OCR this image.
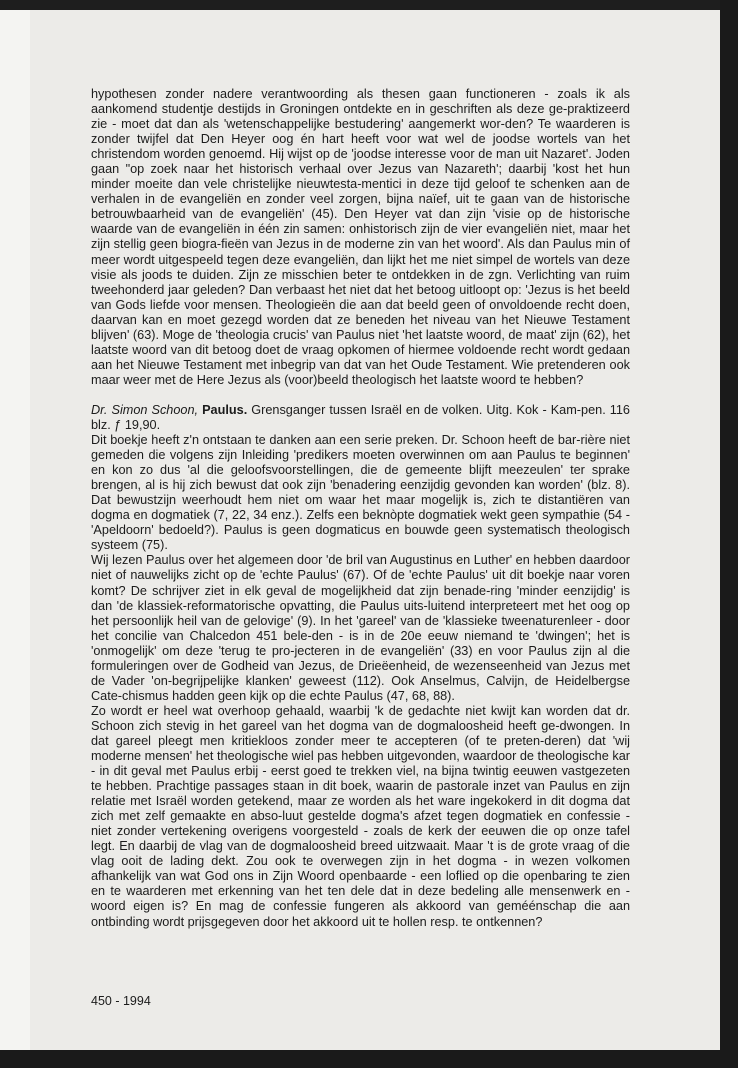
hypothesen zonder nadere verantwoording als thesen gaan functioneren - zoals ik als aankomend studentje destijds in Groningen ontdekte en in geschriften als deze ge-praktizeerd zie - moet dat dan als 'wetenschappelijke bestudering' aangemerkt wor-den? Te waarderen is zonder twijfel dat Den Heyer oog én hart heeft voor wat wel de joodse wortels van het christendom worden genoemd. Hij wijst op de 'joodse interesse voor de man uit Nazaret'. Joden gaan "op zoek naar het historisch verhaal over Jezus van Nazareth'; daarbij 'kost het hun minder moeite dan vele christelijke nieuwtesta-mentici in deze tijd geloof te schenken aan de verhalen in de evangeliën en zonder veel zorgen, bijna naïef, uit te gaan van de historische betrouwbaarheid van de evangeliën' (45). Den Heyer vat dan zijn 'visie op de historische waarde van de evangeliën in één zin samen: onhistorisch zijn de vier evangeliën niet, maar het zijn stellig geen biogra-fieën van Jezus in de moderne zin van het woord'. Als dan Paulus min of meer wordt uitgespeeld tegen deze evangeliën, dan lijkt het me niet simpel de wortels van deze visie als joods te duiden. Zijn ze misschien beter te ontdekken in de zgn. Verlichting van ruim tweehonderd jaar geleden? Dan verbaast het niet dat het betoog uitloopt op: 'Jezus is het beeld van Gods liefde voor mensen. Theologieën die aan dat beeld geen of onvoldoende recht doen, daarvan kan en moet gezegd worden dat ze beneden het niveau van het Nieuwe Testament blijven' (63). Moge de 'theologia crucis' van Paulus niet 'het laatste woord, de maat' zijn (62), het laatste woord van dit betoog doet de vraag opkomen of hiermee voldoende recht wordt gedaan aan het Nieuwe Testament met inbegrip van dat van het Oude Testament. Wie pretenderen ook maar weer met de Here Jezus als (voor)beeld theologisch het laatste woord te hebben?

Dr. Simon Schoon, Paulus. Grensganger tussen Israël en de volken. Uitg. Kok - Kam-pen. 116 blz. ƒ 19,90.

Dit boekje heeft z'n ontstaan te danken aan een serie preken. Dr. Schoon heeft de bar-rière niet gemeden die volgens zijn Inleiding 'predikers moeten overwinnen om aan Paulus te beginnen' en kon zo dus 'al die geloofsvoorstellingen, die de gemeente blijft meezeulen' ter sprake brengen, al is hij zich bewust dat ook zijn 'benadering eenzijdig gevonden kan worden' (blz. 8). Dat bewustzijn weerhoudt hem niet om waar het maar mogelijk is, zich te distantiëren van dogma en dogmatiek (7, 22, 34 enz.). Zelfs een beknòpte dogmatiek wekt geen sympathie (54 - 'Apeldoorn' bedoeld?). Paulus is geen dogmaticus en bouwde geen systematisch theologisch systeem (75).

Wij lezen Paulus over het algemeen door 'de bril van Augustinus en Luther' en hebben daardoor niet of nauwelijks zicht op de 'echte Paulus' (67). Of de 'echte Paulus' uit dit boekje naar voren komt? De schrijver ziet in elk geval de mogelijkheid dat zijn benade-ring 'minder eenzijdig' is dan 'de klassiek-reformatorische opvatting, die Paulus uits-luitend interpreteert met het oog op het persoonlijk heil van de gelovige' (9). In het 'gareel' van de 'klassieke tweenaturenleer - door het concilie van Chalcedon 451 bele-den - is in de 20e eeuw niemand te 'dwingen'; het is 'onmogelijk' om deze 'terug te pro-jecteren in de evangeliën' (33) en voor Paulus zijn al die formuleringen over de Godheid van Jezus, de Drieëenheid, de wezenseenheid van Jezus met de Vader 'on-begrijpelijke klanken' geweest (112). Ook Anselmus, Calvijn, de Heidelbergse Cate-chismus hadden geen kijk op die echte Paulus (47, 68, 88).

Zo wordt er heel wat overhoop gehaald, waarbij 'k de gedachte niet kwijt kan worden dat dr. Schoon zich stevig in het gareel van het dogma van de dogmaloosheid heeft ge-dwongen. In dat gareel pleegt men kritiekloos zonder meer te accepteren (of te preten-deren) dat 'wij moderne mensen' het theologische wiel pas hebben uitgevonden, waardoor de theologische kar - in dit geval met Paulus erbij - eerst goed te trekken viel, na bijna twintig eeuwen vastgezeten te hebben. Prachtige passages staan in dit boek, waarin de pastorale inzet van Paulus en zijn relatie met Israël worden getekend, maar ze worden als het ware ingekokerd in dit dogma dat zich met zelf gemaakte en abso-luut gestelde dogma's afzet tegen dogmatiek en confessie - niet zonder vertekening overigens voorgesteld - zoals de kerk der eeuwen die op onze tafel legt. En daarbij de vlag van de dogmaloosheid breed uitzwaait. Maar 't is de grote vraag of die vlag ooit de lading dekt. Zou ook te overwegen zijn in het dogma - in wezen volkomen afhankelijk van wat God ons in Zijn Woord openbaarde - een loflied op die openbaring te zien en te waarderen met erkenning van het ten dele dat in deze bedeling alle mensenwerk en - woord eigen is? En mag de confessie fungeren als akkoord van geméénschap die aan ontbinding wordt prijsgegeven door het akkoord uit te hollen resp. te ontkennen?

450 - 1994
